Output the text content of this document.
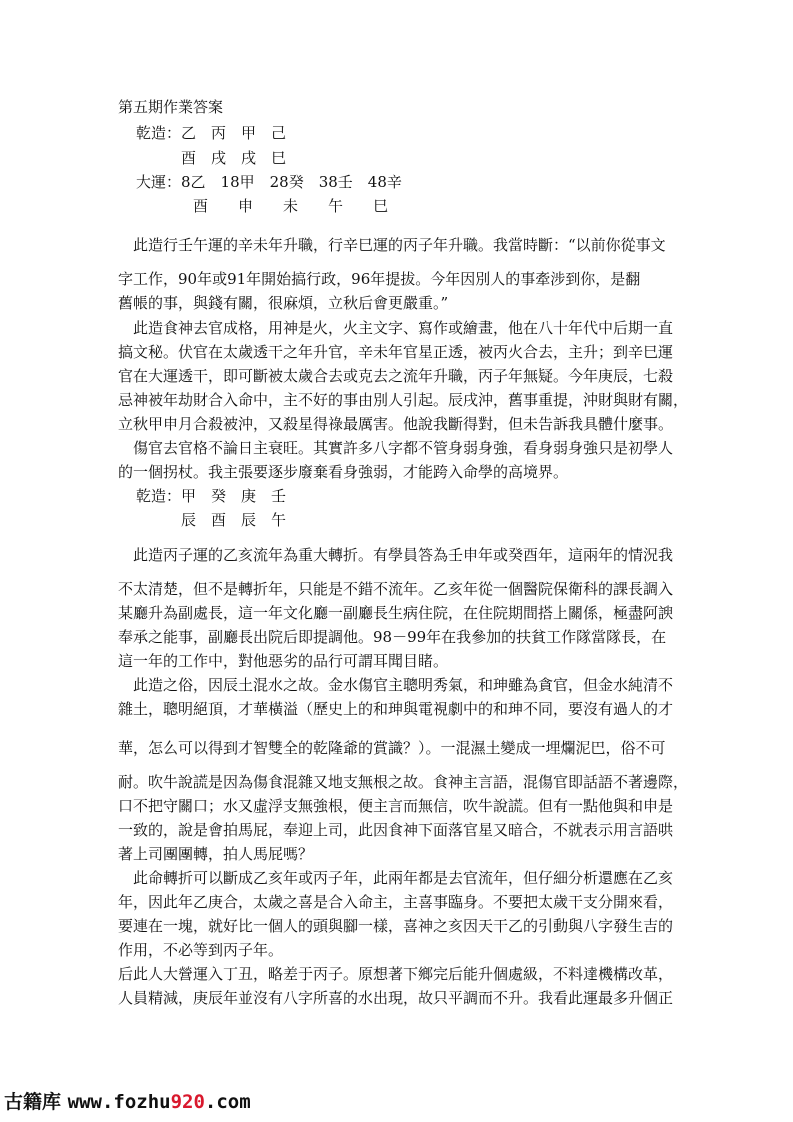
第五期作業答案
乾造： 乙　丙　甲　己
酉　戌　戌　巳
大運： 8乙　18甲　28癸　38壬　48辛
酉　　申　　未　　午　　巳
　此造行壬午運的辛未年升職，行辛巳運的丙子年升職。我當時斷：“以前你從事文
字工作，90年或91年開始搞行政，96年提拔。今年因別人的事牽涉到你，是翻
舊帳的事，與錢有關，很麻煩，立秋后會更嚴重。”
　此造食神去官成格，用神是火，火主文字、寫作或繪畫，他在八十年代中后期一直
搞文秘。伏官在太歲透干之年升官，辛未年官星正透，被丙火合去，主升；到辛巳運
官在大運透干，即可斷被太歲合去或克去之流年升職，丙子年無疑。今年庚辰，七殺
忌神被年劫財合入命中，主不好的事由別人引起。辰戌沖，舊事重提，沖財與財有關，
立秋甲申月合殺被沖，又殺星得祿最厲害。他說我斷得對，但未告訴我具體什麼事。
　傷官去官格不論日主衰旺。其實許多八字都不管身弱身強，看身弱身強只是初學人
的一個拐杖。我主張要逐步廢棄看身強弱，才能跨入命學的高境界。
乾造： 甲　癸　庚　壬
辰　酉　辰　午
　此造丙子運的乙亥流年為重大轉折。有學員答為壬申年或癸酉年，這兩年的情況我
不太清楚，但不是轉折年，只能是不錯不流年。乙亥年從一個醫院保衛科的課長調入
某廳升為副處長，這一年文化廳一副廳長生病住院，在住院期間搭上關係，極盡阿諛
奉承之能事，副廳長出院后即提調他。98－99年在我參加的扶貧工作隊當隊長，在
這一年的工作中，對他惡劣的品行可謂耳聞目睹。
　此造之俗，因辰土混水之故。金水傷官主聰明秀氣，和珅雖為貪官，但金水純清不
雜土，聰明絕頂，才華橫溢（歷史上的和珅與電視劇中的和珅不同，要沒有過人的才
華，怎么可以得到才智雙全的乾隆爺的賞識？）。一混濕土變成一埋爛泥巴，俗不可
耐。吹牛說謊是因為傷食混雜又地支無根之故。食神主言語，混傷官即話語不著邊際，
口不把守關口；水又虛浮支無強根，便主言而無信，吹牛說謊。但有一點他與和申是
一致的，說是會拍馬屁，奉迎上司，此因食神下面落官星又暗合，不就表示用言語哄
著上司團團轉，拍人馬屁嗎？
　此命轉折可以斷成乙亥年或丙子年，此兩年都是去官流年，但仔細分析還應在乙亥
年，因此年乙庚合，太歲之喜是合入命主，主喜事臨身。不要把太歲干支分開來看，
要連在一塊，就好比一個人的頭與腳一樣，喜神之亥因天干乙的引動與八字發生吉的
作用，不必等到丙子年。
后此人大營運入丁丑，略差于丙子。原想著下鄉完后能升個處級，不料達機構改革，
人員精減，庚辰年並沒有八字所喜的水出現，故只平調而不升。我看此運最多升個正
古籍库 www.fozhu920.com
